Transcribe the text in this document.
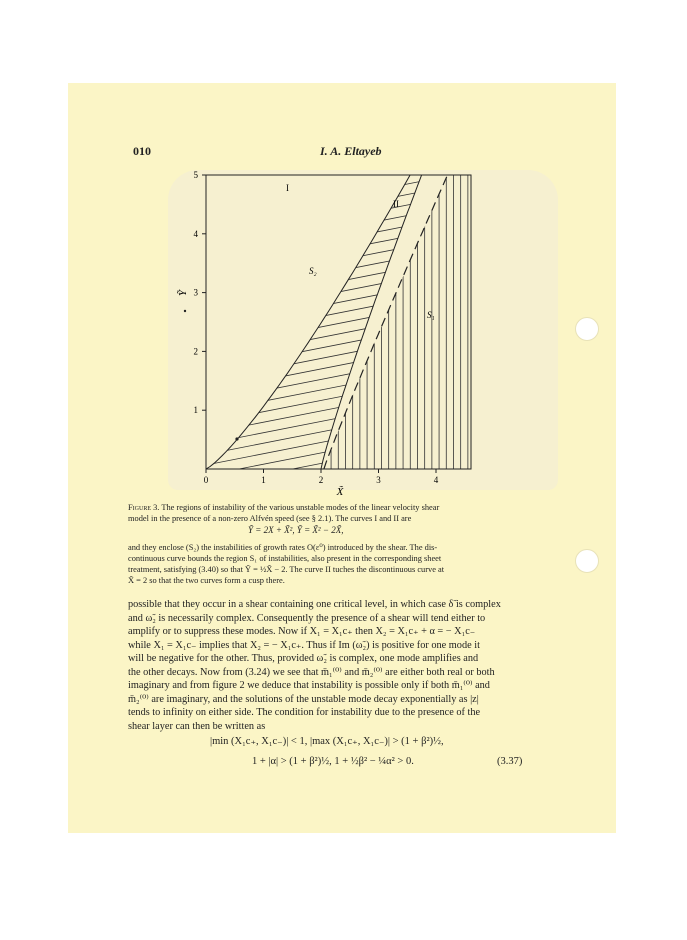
010	I. A. Eltayeb
0	1	2	3	4
1
2
3
4
5
X̃
Ỹ
I
II
S₂
S₁
Figure 3. The regions of instability of the various unstable modes of the linear velocity shear
model in the presence of a non-zero Alfvén speed (see § 2.1). The curves I and II are
Ỹ = 2X + X̃², Ỹ = X̃² − 2X̃,
and they enclose (S₂) the instabilities of growth rates O(ε⁰) introduced by the shear. The dis-
continuous curve bounds the region S₁ of instabilities, also present in the corresponding sheet
treatment, satisfying (3.40) so that Ỹ = ½X̃ − 2. The curve II tuches the discontinuous curve at
X̃ = 2 so that the two curves form a cusp there.
possible that they occur in a shear containing one critical level, in which case δ̃ is complex
and ω̃₂ is necessarily complex. Consequently the presence of a shear will tend either to
amplify or to suppress these modes. Now if X₁ = X₁c₊ then X₂ = X₁c₊ + α = − X₁c₋
while X₁ = X₁c₋ implies that X₂ = − X₁c₊. Thus if Im (ω̃₂) is positive for one mode it
will be negative for the other. Thus, provided ω̃₂ is complex, one mode amplifies and
the other decays. Now from (3.24) we see that m̄₁⁽⁰⁾ and m̄₂⁽⁰⁾ are either both real or both
imaginary and from figure 2 we deduce that instability is possible only if both m̄₁⁽⁰⁾ and
m̄₂⁽⁰⁾ are imaginary, and the solutions of the unstable mode decay exponentially as |z|
tends to infinity on either side. The condition for instability due to the presence of the
shear layer can then be written as
|min (X₁c₊, X₁c₋)| < 1, |max (X₁c₊, X₁c₋)| > (1 + β²)½,
1 + |α| > (1 + β²)½, 1 + ½β² − ¼α² > 0.	(3.37)
